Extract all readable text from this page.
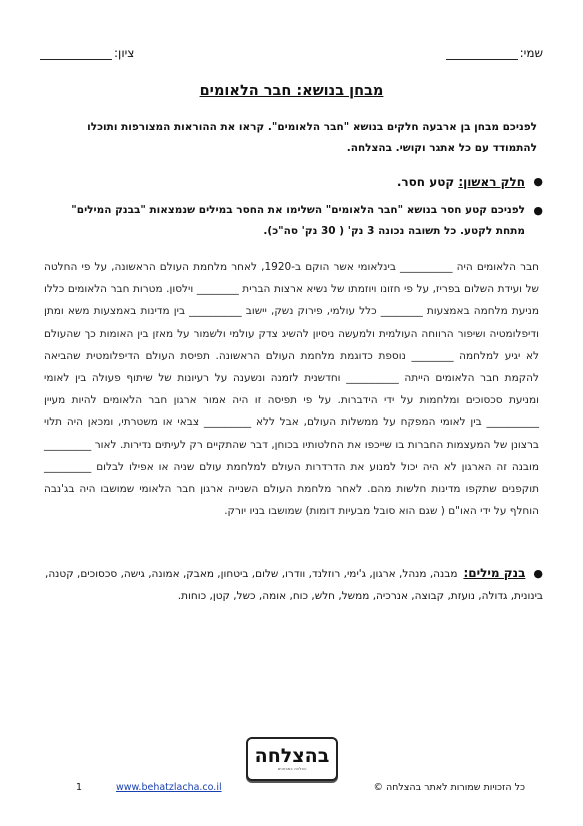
שמי:
ציון:
מבחן בנושא: חבר הלאומים
לפניכם מבחן בן ארבעה חלקים בנושא "חבר הלאומים". קראו את ההוראות המצורפות ותוכלו להתמודד עם כל אתגר וקושי. בהצלחה.
●
חלק ראשון: קטע חסר.
●
לפניכם קטע חסר בנושא "חבר הלאומים" השלימו את החסר במילים שנמצאות "בבנק המילים" מתחת לקטע. כל תשובה נכונה 3 נק' ( 30 נק' סה"כ).
חבר הלאומים היה __________ בינלאומי אשר הוקם ב-1920, לאחר מלחמת העולם הראשונה, על פי החלטה של ועידת השלום בפריז, על פי חזונו ויוזמתו של נשיא ארצות הברית ________ וילסון. מטרות חבר הלאומים כללו מניעת מלחמה באמצעות ________ כלל עולמי, פירוק נשק, יישוב __________ בין מדינות באמצעות משא ומתן ודיפלומטיה ושיפור הרווחה העולמית ולמעשה ניסיון להשיג צדק עולמי ולשמור על מאזן בין האומות כך שהעולם לא יגיע למלחמה ________ נוספת כדוגמת מלחמת העולם הראשונה. תפיסת העולם הדיפלומטית שהביאה להקמת חבר הלאומים הייתה __________ וחדשנית לזמנה ונשענה על רעיונות של שיתוף פעולה בין לאומי ומניעת סכסוכים ומלחמות על ידי הידברות. על פי תפיסה זו היה אמור ארגון חבר הלאומים להיות מעיין __________ בין לאומי המפקח על ממשלות העולם, אבל ללא _________ צבאי או משטרתי, ומכאן היה תלוי ברצונן של המעצמות החברות בו שייכפו את החלטותיו בכוחן, דבר שהתקיים רק לעיתים נדירות. לאור _________ מובנה זה הארגון לא היה יכול למנוע את הדרדרות העולם למלחמת עולם שניה או אפילו לבלום _________ תוקפנים שתקפו מדינות חלשות מהם. לאחר מלחמת העולם השנייה ארגון חבר הלאומי שמושבו היה בג'נבה הוחלף על ידי האו"ם ( שגם הוא סובל מבעיות דומות) שמושבו בניו יורק.
●בנק מילים:מבנה, מנהל, ארגון, ג'ימי, רוזלנד, וודרו, שלום, ביטחון, מאבק, אמונה, גישה, סכסוכים, קטנה, בינונית, גדולה, נועזת, קבוצה, אנרכיה, ממשל, חלש, כוח, אומה, כשל, קטן, כוחות.
בהצלחה
הצלחה במבחנים
1	www.behatzlacha.co.il	כל הזכויות שמורות לאתר בהצלחה ©
